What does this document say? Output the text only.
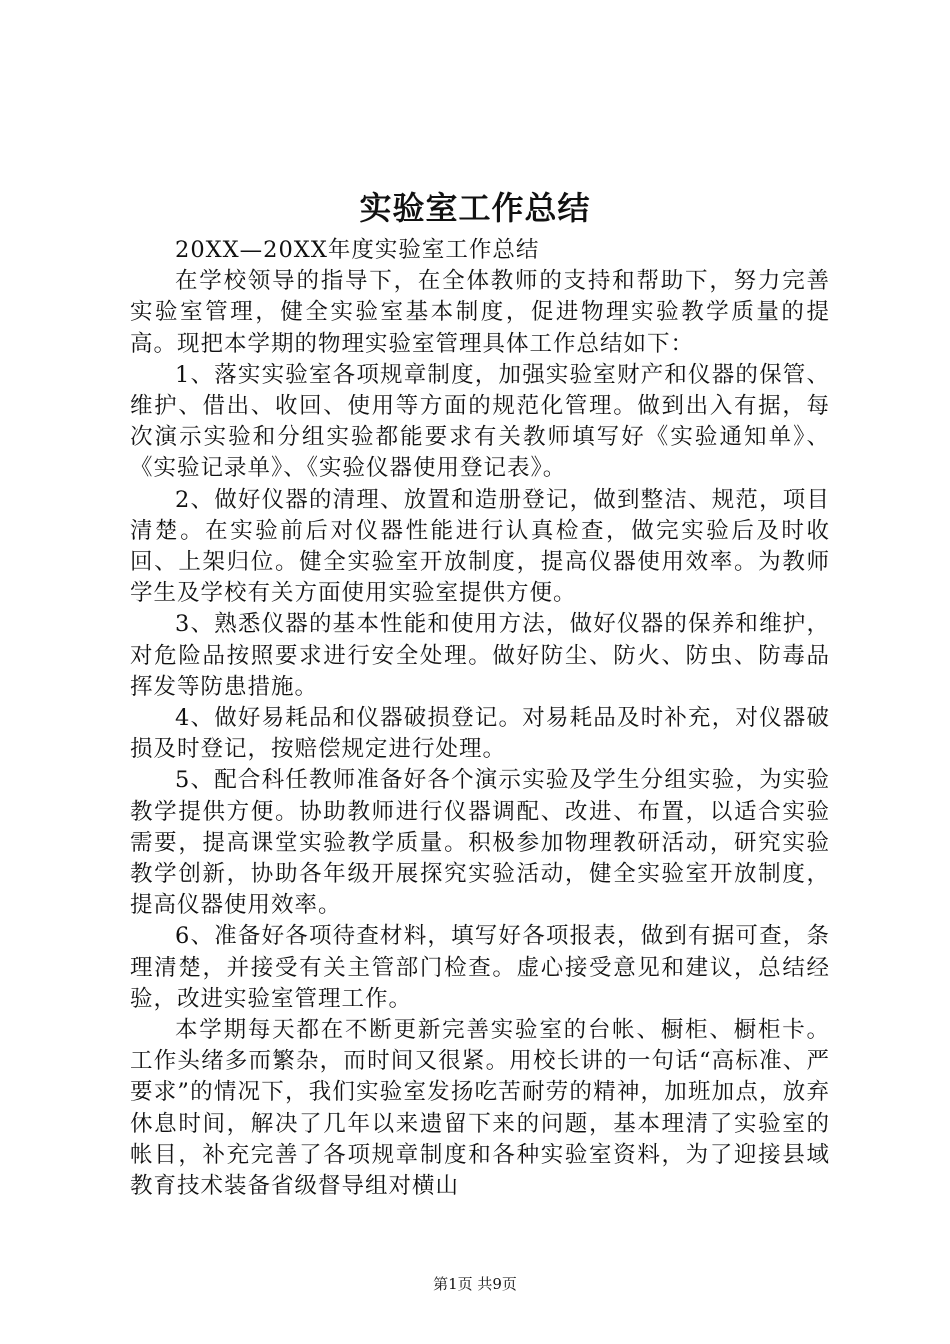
实验室工作总结

20XX—20XX年度实验室工作总结

在学校领导的指导下，在全体教师的支持和帮助下，努力完善实验室管理，健全实验室基本制度，促进物理实验教学质量的提高。现把本学期的物理实验室管理具体工作总结如下：

1、落实实验室各项规章制度，加强实验室财产和仪器的保管、维护、借出、收回、使用等方面的规范化管理。做到出入有据，每次演示实验和分组实验都能要求有关教师填写好《实验通知单》、《实验记录单》、《实验仪器使用登记表》。

2、做好仪器的清理、放置和造册登记，做到整洁、规范，项目清楚。在实验前后对仪器性能进行认真检查，做完实验后及时收回、上架归位。健全实验室开放制度，提高仪器使用效率。为教师学生及学校有关方面使用实验室提供方便。

3、熟悉仪器的基本性能和使用方法，做好仪器的保养和维护，对危险品按照要求进行安全处理。做好防尘、防火、防虫、防毒品挥发等防患措施。

4、做好易耗品和仪器破损登记。对易耗品及时补充，对仪器破损及时登记，按赔偿规定进行处理。

5、配合科任教师准备好各个演示实验及学生分组实验，为实验教学提供方便。协助教师进行仪器调配、改进、布置，以适合实验需要，提高课堂实验教学质量。积极参加物理教研活动，研究实验教学创新，协助各年级开展探究实验活动，健全实验室开放制度，提高仪器使用效率。

6、准备好各项待查材料，填写好各项报表，做到有据可查，条理清楚，并接受有关主管部门检查。虚心接受意见和建议，总结经验，改进实验室管理工作。

本学期每天都在不断更新完善实验室的台帐、橱柜、橱柜卡。工作头绪多而繁杂，而时间又很紧。用校长讲的一句话“高标准、严要求”的情况下，我们实验室发扬吃苦耐劳的精神，加班加点，放弃休息时间，解决了几年以来遗留下来的问题，基本理清了实验室的帐目，补充完善了各项规章制度和各种实验室资料，为了迎接县域教育技术装备省级督导组对横山

第1页 共9页
